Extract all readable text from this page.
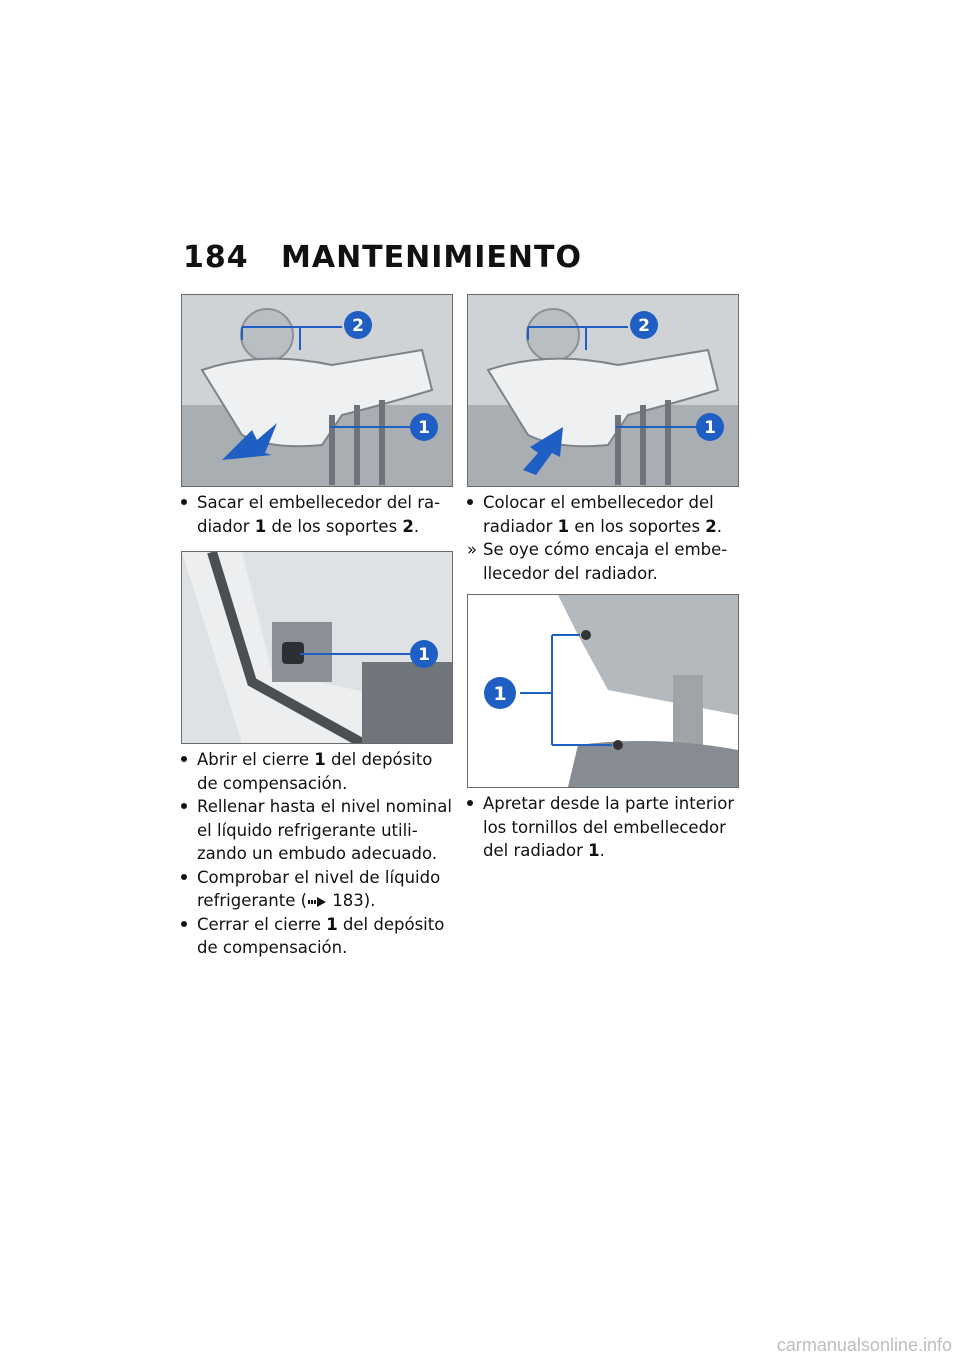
184 MANTENIMIENTO
2
1
2
1
1
1
Sacar el embellecedor del radiador 1 de los soportes 2.
Abrir el cierre 1 del depósito de compensación.
Rellenar hasta el nivel nominal el líquido refrigerante utilizando un embudo adecuado.
Comprobar el nivel de líquido refrigerante ( 183).
Cerrar el cierre 1 del depósito de compensación.
Colocar el embellecedor del radiador 1 en los soportes 2.
» Se oye cómo encaja el embellecedor del radiador.
Apretar desde la parte interior los tornillos del embellecedor del radiador 1.
carmanualsonline.info
